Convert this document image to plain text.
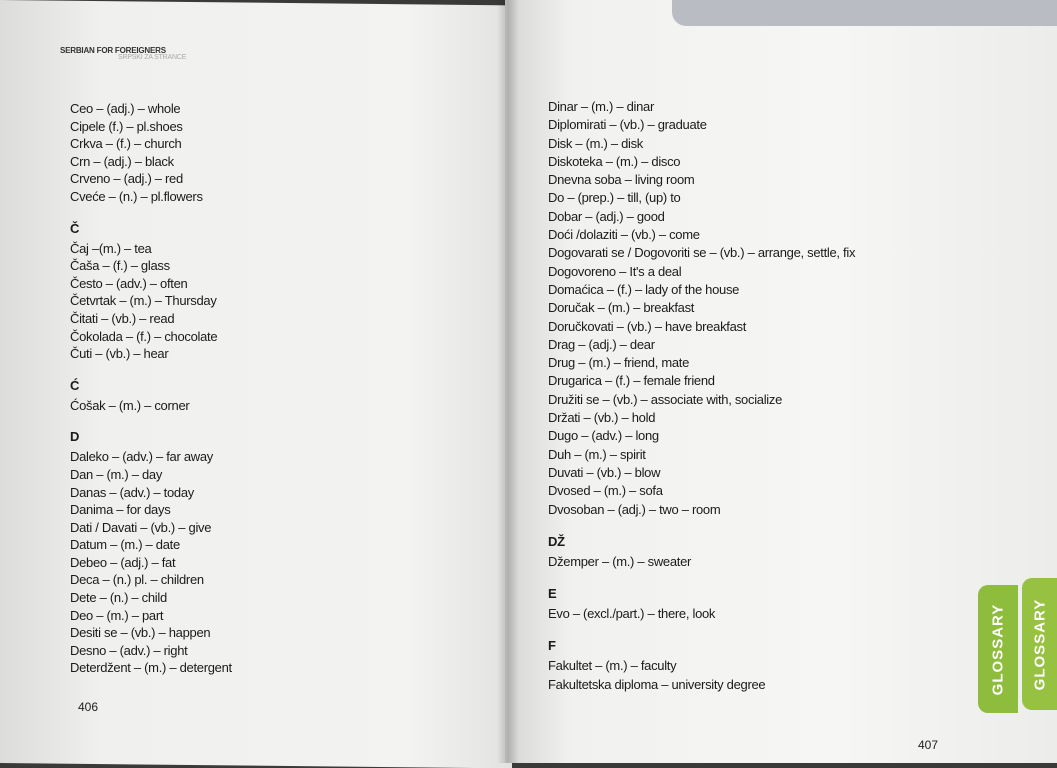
SERBIAN FOR FOREIGNERS
SRPSKI ZA STRANCE
Ceo – (adj.) – whole
Cipele (f.) – pl.shoes
Crkva – (f.) – church
Crn – (adj.) – black
Crveno – (adj.) – red
Cveće – (n.) – pl.flowers
Č
Čaj –(m.) – tea
Čaša – (f.) – glass
Često – (adv.) – often
Četvrtak – (m.) – Thursday
Čitati – (vb.) – read
Čokolada – (f.) – chocolate
Čuti – (vb.) – hear
Ć
Ćošak – (m.) – corner
D
Daleko – (adv.) – far away
Dan – (m.) – day
Danas – (adv.) – today
Danima – for days
Dati / Davati – (vb.) – give
Datum – (m.) – date
Debeo – (adj.) – fat
Deca – (n.) pl. – children
Dete – (n.) – child
Deo – (m.) – part
Desiti se – (vb.) – happen
Desno – (adv.) – right
Deterdžent – (m.) – detergent
Dinar – (m.) – dinar
Diplomirati – (vb.) – graduate
Disk – (m.) – disk
Diskoteka – (m.) – disco
Dnevna soba – living room
Do – (prep.) – till, (up) to
Dobar – (adj.) – good
Doći /dolaziti – (vb.) – come
Dogovarati se / Dogovoriti se – (vb.) – arrange, settle, fix
Dogovoreno – It's a deal
Domaćica – (f.) – lady of the house
Doručak – (m.) – breakfast
Doručkovati – (vb.) – have breakfast
Drag – (adj.) – dear
Drug – (m.) – friend, mate
Drugarica – (f.) – female friend
Družiti se – (vb.) – associate with, socialize
Držati – (vb.) – hold
Dugo – (adv.) – long
Duh – (m.) – spirit
Duvati – (vb.) – blow
Dvosed – (m.) – sofa
Dvosoban – (adj.) – two – room
DŽ
Džemper – (m.) – sweater
E
Evo – (excl./part.) – there, look
F
Fakultet – (m.) – faculty
Fakultetska diploma – university degree
406
407
GLOSSARY GLOSSARY
